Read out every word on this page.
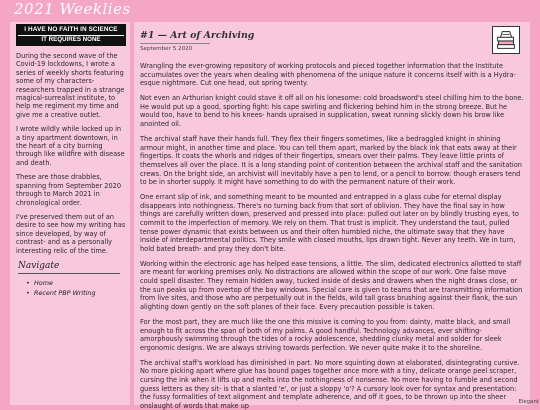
2021 Weeklies
I HAVE NO FAITH IN SCIENCE
IT REQUIRES NONE

During the second wave of the Covid-19 lockdowns, I wrote a series of weekly shorts featuring some of my characters- researchers trapped in a strange magical-surrealist institute, to help me regiment my time and give me a creative outlet.

I wrote wildly while locked up in a tiny apartment downtown, in the heart of a city burning through like wildfire with disease and death.

These are those drabbles, spanning from September 2020 through to March 2021 in chronological order.

I've preserved them out of an desire to see how my writing has since developed, by way of contrast- and as a personally interesting relic of the time.

Navigate
• Home
• Recent PBP Writing
#1 — Art of Archiving
September 5 2020

Wrangling the ever-growing repository of working protocols and pieced together information that the Institute accumulates over the years when dealing with phenomena of the unique nature it concerns itself with is a Hydra-esque nightmare. Cut one head, out spring twenty.

Not even an Arthurian knight could stave it off all on his lonesome: cold broadsword's steel chilling him to the bone. He would put up a good, sporting fight: his cape swirling and flickering behind him in the strong breeze. But he would too, have to bend to his knees- hands upraised in supplication, sweat running slickly down his brow like anointed oil.

The archival staff have their hands full. They flex their fingers sometimes, like a bedraggled knight in shining armour might, in another time and place. You can tell them apart, marked by the black ink that eats away at their fingertips. It coats the whorls and ridges of their fingertips, smears over their palms. They leave little prints of themselves all over the place. It is a long standing point of contention between the archival staff and the sanitation crews. On the bright side, an archivist will inevitably have a pen to lend, or a pencil to borrow: though erasers tend to be in shorter supply. It might have something to do with the permanent nature of their work.

One errant slip of ink, and something meant to be mounted and entrapped in a glass cube for eternal display disappears into nothingness. There's no turning back from that sort of oblivion. They have the final say in how things are carefully written down, preserved and pressed into place: pulled out later on by blindly trusting eyes, to commit to the imperfection of memory. We rely on them. That trust is implicit. They understand the taut, pulled tense power dynamic that exists between us and their often humbled niche, the ultimate sway that they have inside of interdepartmental politics. They smile with closed mouths, lips drawn tight. Never any teeth. We in turn, hold bated breath- and pray they don't bite.

Working within the electronic age has helped ease tensions, a little. The slim, dedicated electronics allotted to staff are meant for working premises only. No distractions are allowed within the scope of our work. One false move could spell disaster. They remain hidden away, tucked inside of desks and drawers when the night draws close, or the sun peaks up from overtop of the bay windows. Special care is given to teams that are transmitting information from live sites, and those who are perpetually out in the fields, wild tall grass brushing against their flank, the sun alighting down gently on the soft planes of their face. Every precaution possible is taken.

For the most part, they are much like the one this missive is coming to you from: dainty, matte black, and small enough to fit across the span of both of my palms. A good handful. Technology advances, ever shifting- amorphously swimming through the tides of a rocky adolescence, shedding clunky metal and solder for sleek ergonomic designs. We are always striving towards perfection. We never quite make it to the shoreline.

The archival staff's workload has diminished in part. No more squinting down at elaborated, disintegrating cursive. No more picking apart where glue has bound pages together once more with a tiny, delicate orange peel scraper, cursing the ink when it lifts up and melts into the nothingness of nonsense. No more having to fumble and second guess letters as they sit- is that a slanted 'e', or just a sloppy 'o'? A cursory look over for syntax and presentation: the fussy formalities of text alignment and template adherence, and off it goes, to be thrown up into the sheer onslaught of words that make up	Elegant
